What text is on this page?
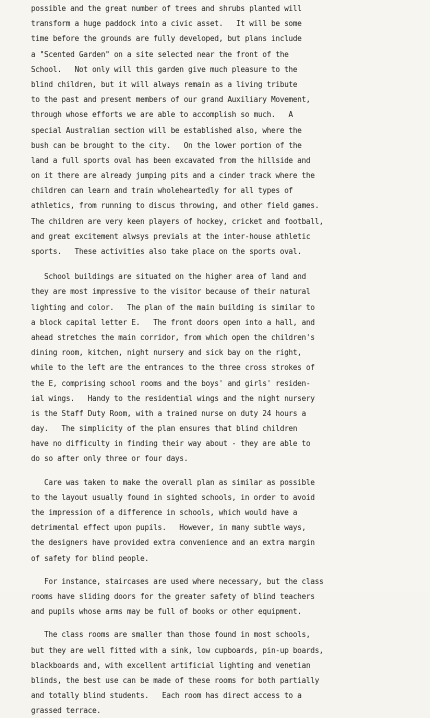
possible and the great number of trees and shrubs planted will
transform a huge paddock into a civic asset.   It will be some
time before the grounds are fully developed, but plans include
a "Scented Garden" on a site selected near the front of the
School.   Not only will this garden give much pleasure to the
blind children, but it will always remain as a living tribute
to the past and present members of our grand Auxiliary Movement,
through whose efforts we are able to accomplish so much.   A
special Australian section will be established also, where the
bush can be brought to the city.   On the lower portion of the
land a full sports oval has been excavated from the hillside and
on it there are already jumping pits and a cinder track where the
children can learn and train wholeheartedly for all types of
athletics, from running to discus throwing, and other field games.
The children are very keen players of hockey, cricket and football,
and great excitement alwsys previals at the inter-house athletic
sports.   These activities also take place on the sports oval.
School buildings are situated on the higher area of land and
they are most impressive to the visitor because of their natural
lighting and color.   The plan of the main building is similar to
a block capital letter E.   The front doors open into a hall, and
ahead stretches the main corridor, from which open the children's
dining room, kitchen, night nursery and sick bay on the right,
while to the left are the entrances to the three cross strokes of
the E, comprising school rooms and the boys' and girls' residen-
ial wings.   Handy to the residential wings and the night nursery
is the Staff Duty Room, with a trained nurse on duty 24 hours a
day.   The simplicity of the plan ensures that blind children
have no difficulty in finding their way about - they are able to
do so after only three or four days.
Care was taken to make the overall plan as similar as possible
to the layout usually found in sighted schools, in order to avoid
the impression of a difference in schools, which would have a
detrimental effect upon pupils.   However, in many subtle ways,
the designers have provided extra convenience and an extra margin
of safety for blind people.
For instance, staircases are used where necessary, but the class
rooms have sliding doors for the greater safety of blind teachers
and pupils whose arms may be full of books or other equipment.
The class rooms are smaller than those found in most schools,
but they are well fitted with a sink, low cupboards, pin-up boards,
blackboards and, with excellent artificial lighting and venetian
blinds, the best use can be made of these rooms for both partially
and totally blind students.   Each room has direct access to a
grassed terrace.
